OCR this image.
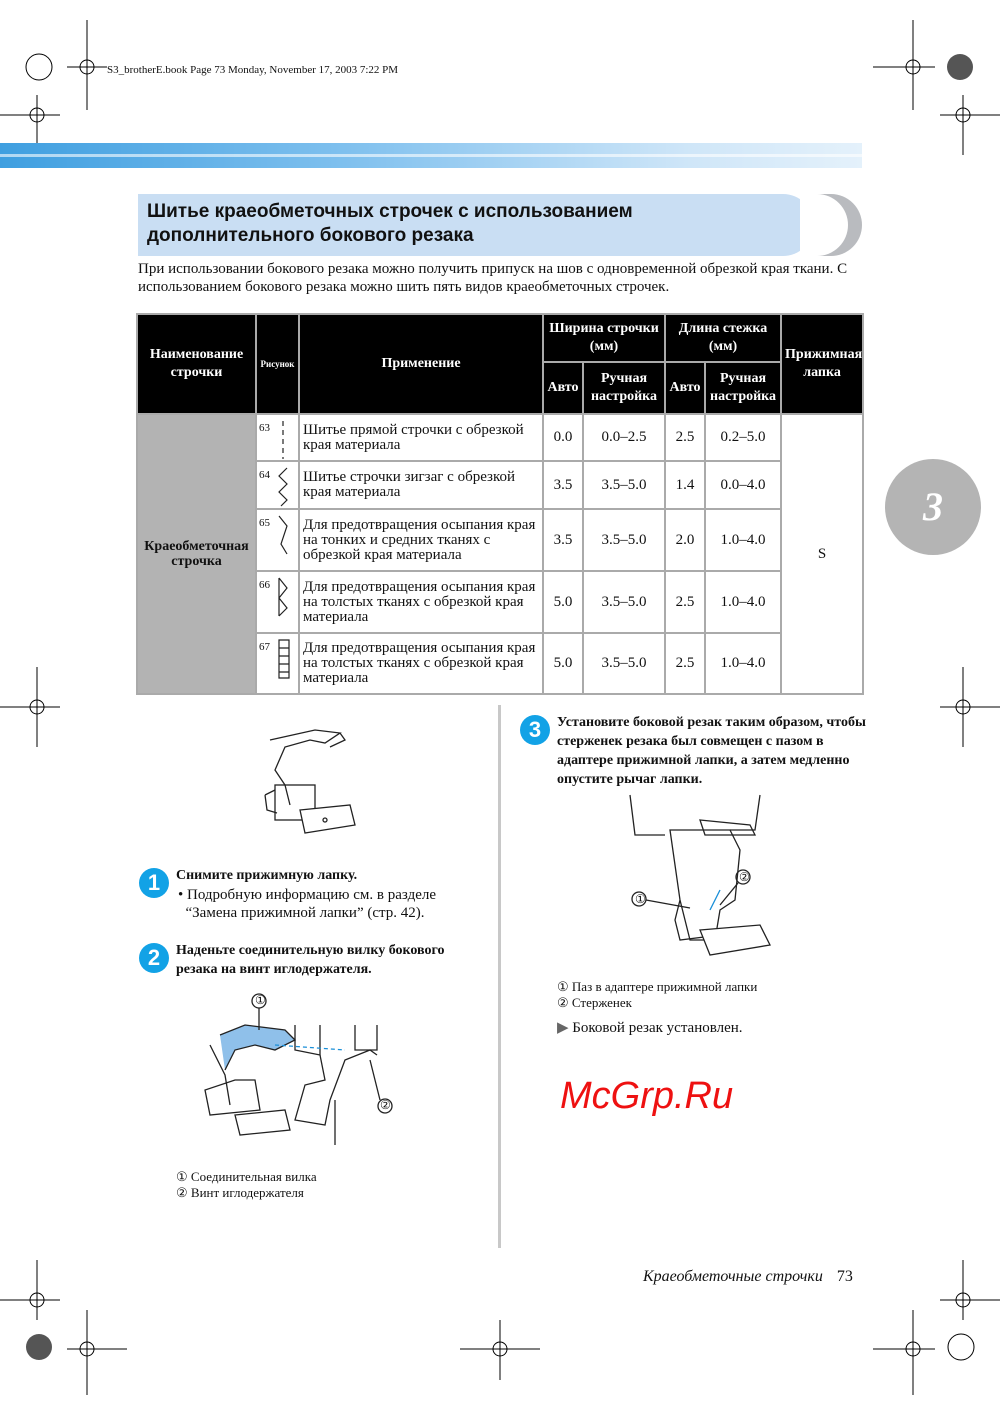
S3_brotherE.book Page 73 Monday, November 17, 2003 7:22 PM
Шитье краеобметочных строчек с использованием
дополнительного бокового резака
При использовании бокового резака можно получить припуск на шов с одновременной обрезкой края ткани. С использованием бокового резака можно шить пять видов краеобметочных строчек.
Наименование строчки	Рисунок	Применение	Ширина строчки (мм)		Длина стежка (мм)		Прижимная лапка
			Авто	Ручная настройка	Авто	Ручная настройка	
Краеобметочная строчка	63	Шитье прямой строчки с обрезкой края материала	0.0	0.0–2.5	2.5	0.2–5.0	S
	64	Шитье строчки зигзаг с обрезкой края материала	3.5	3.5–5.0	1.4	0.0–4.0	
	65	Для предотвращения осыпания края на тонких и средних тканях с обрезкой края материала	3.5	3.5–5.0	2.0	1.0–4.0	
	66	Для предотвращения осыпания края на толстых тканях с обрезкой края материала	5.0	3.5–5.0	2.5	1.0–4.0	
	67	Для предотвращения осыпания края на толстых тканях с обрезкой края материала	5.0	3.5–5.0	2.5	1.0–4.0	
3
McGrp.Ru
1	Снимите прижимную лапку.
• Подробную информацию см. в разделе
“Замена прижимной лапки” (стр. 42).
2	Наденьте соединительную вилку бокового резака на винт иглодержателя.
①
②
① Соединительная вилка
② Винт иглодержателя
3	Установите боковой резак таким образом, чтобы стерженек резака был совмещен с пазом в адаптере прижимной лапки, а затем медленно опустите рычаг лапки.
①
②
① Паз в адаптере прижимной лапки
② Стерженек
▶ Боковой резак установлен.
Краеобметочные строчки 73
